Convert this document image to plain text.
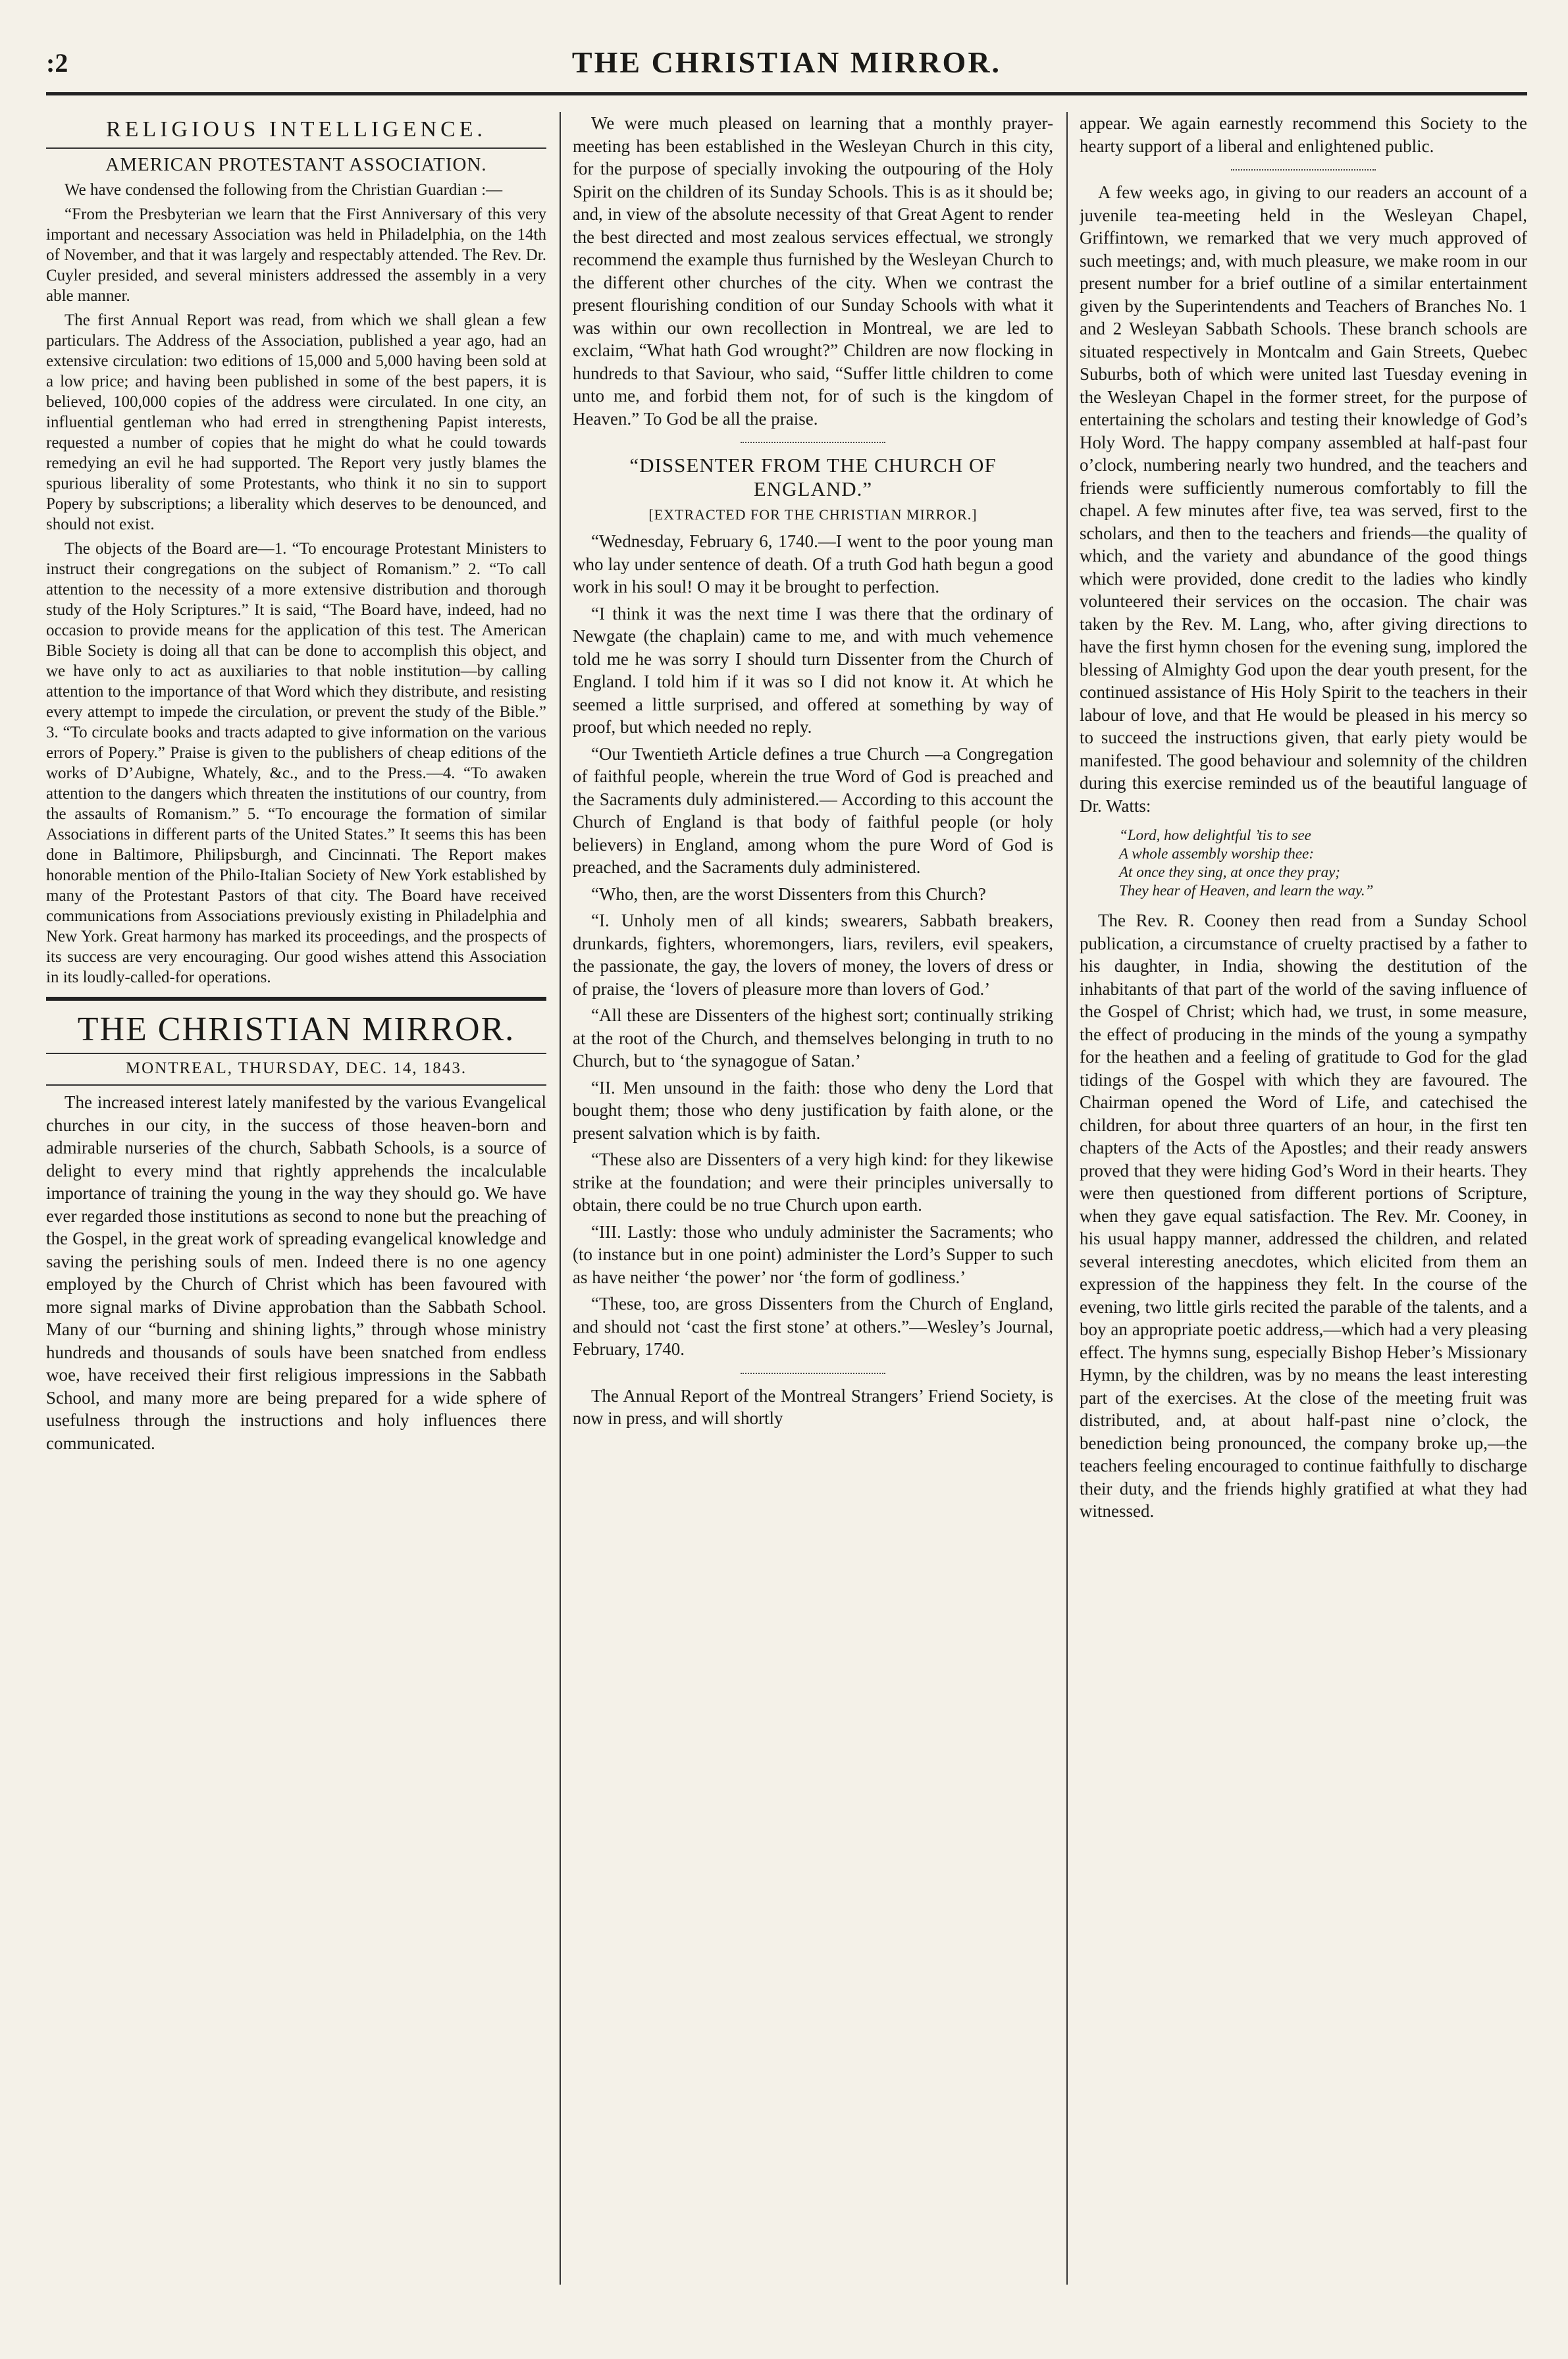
:2	THE CHRISTIAN MIRROR.
RELIGIOUS INTELLIGENCE.
AMERICAN PROTESTANT ASSOCIATION.

We have condensed the following from the Christian Guardian :—

“From the Presbyterian we learn that the First Anniversary of this very important and necessary Association was held in Philadelphia, on the 14th of November, and that it was largely and respectably attended. The Rev. Dr. Cuyler presided, and several ministers addressed the assembly in a very able manner.

The first Annual Report was read, from which we shall glean a few particulars. The Address of the Association, published a year ago, had an extensive circulation: two editions of 15,000 and 5,000 having been sold at a low price; and having been published in some of the best papers, it is believed, 100,000 copies of the address were circulated. In one city, an influential gentleman who had erred in strengthening Papist interests, requested a number of copies that he might do what he could towards remedying an evil he had supported. The Report very justly blames the spurious liberality of some Protestants, who think it no sin to support Popery by subscriptions; a liberality which deserves to be denounced, and should not exist.

The objects of the Board are—1. “To encourage Protestant Ministers to instruct their congregations on the subject of Romanism.” 2. “To call attention to the necessity of a more extensive distribution and thorough study of the Holy Scriptures.” It is said, “The Board have, indeed, had no occasion to provide means for the application of this test. The American Bible Society is doing all that can be done to accomplish this object, and we have only to act as auxiliaries to that noble institution—by calling attention to the importance of that Word which they distribute, and resisting every attempt to impede the circulation, or prevent the study of the Bible.” 3. “To circulate books and tracts adapted to give information on the various errors of Popery.” Praise is given to the publishers of cheap editions of the works of D’Aubigne, Whately, &c., and to the Press.—4. “To awaken attention to the dangers which threaten the institutions of our country, from the assaults of Romanism.” 5. “To encourage the formation of similar Associations in different parts of the United States.” It seems this has been done in Baltimore, Philipsburgh, and Cincinnati. The Report makes honorable mention of the Philo-Italian Society of New York established by many of the Protestant Pastors of that city. The Board have received communications from Associations previously existing in Philadelphia and New York. Great harmony has marked its proceedings, and the prospects of its success are very encouraging. Our good wishes attend this Association in its loudly-called-for operations.

THE CHRISTIAN MIRROR.
MONTREAL, THURSDAY, DEC. 14, 1843.

The increased interest lately manifested by the various Evangelical churches in our city, in the success of those heaven-born and admirable nurseries of the church, Sabbath Schools, is a source of delight to every mind that rightly apprehends the incalculable importance of training the young in the way they should go. We have ever regarded those institutions as second to none but the preaching of the Gospel, in the great work of spreading evangelical knowledge and saving the perishing souls of men. Indeed there is no one agency employed by the Church of Christ which has been favoured with more signal marks of Divine approbation than the Sabbath School. Many of our “burning and shining lights,” through whose ministry hundreds and thousands of souls have been snatched from endless woe, have received their first religious impressions in the Sabbath School, and many more are being prepared for a wide sphere of usefulness through the instructions and holy influences there communicated.

We were much pleased on learning that a monthly prayer-meeting has been established in the Wesleyan Church in this city, for the purpose of specially invoking the outpouring of the Holy Spirit on the children of its Sunday Schools. This is as it should be; and, in view of the absolute necessity of that Great Agent to render the best directed and most zealous services effectual, we strongly recommend the example thus furnished by the Wesleyan Church to the different other churches of the city. When we contrast the present flourishing condition of our Sunday Schools with what it was within our own recollection in Montreal, we are led to exclaim, “What hath God wrought?” Children are now flocking in hundreds to that Saviour, who said, “Suffer little children to come unto me, and forbid them not, for of such is the kingdom of Heaven.” To God be all the praise.

“DISSENTER FROM THE CHURCH OF ENGLAND.”
[EXTRACTED FOR THE CHRISTIAN MIRROR.]

“Wednesday, February 6, 1740.—I went to the poor young man who lay under sentence of death. Of a truth God hath begun a good work in his soul! O may it be brought to perfection.

“I think it was the next time I was there that the ordinary of Newgate (the chaplain) came to me, and with much vehemence told me he was sorry I should turn Dissenter from the Church of England. I told him if it was so I did not know it. At which he seemed a little surprised, and offered at something by way of proof, but which needed no reply.

“Our Twentieth Article defines a true Church —a Congregation of faithful people, wherein the true Word of God is preached and the Sacraments duly administered.— According to this account the Church of England is that body of faithful people (or holy believers) in England, among whom the pure Word of God is preached, and the Sacraments duly administered.

“Who, then, are the worst Dissenters from this Church?

“I. Unholy men of all kinds; swearers, Sabbath breakers, drunkards, fighters, whoremongers, liars, revilers, evil speakers, the passionate, the gay, the lovers of money, the lovers of dress or of praise, the ‘lovers of pleasure more than lovers of God.’

“All these are Dissenters of the highest sort; continually striking at the root of the Church, and themselves belonging in truth to no Church, but to ‘the synagogue of Satan.’

“II. Men unsound in the faith: those who deny the Lord that bought them; those who deny justification by faith alone, or the present salvation which is by faith.

“These also are Dissenters of a very high kind: for they likewise strike at the foundation; and were their principles universally to obtain, there could be no true Church upon earth.

“III. Lastly: those who unduly administer the Sacraments; who (to instance but in one point) administer the Lord’s Supper to such as have neither ‘the power’ nor ‘the form of godliness.’

“These, too, are gross Dissenters from the Church of England, and should not ‘cast the first stone’ at others.”—Wesley’s Journal, February, 1740.

The Annual Report of the Montreal Strangers’ Friend Society, is now in press, and will shortly

appear. We again earnestly recommend this Society to the hearty support of a liberal and enlightened public.

A few weeks ago, in giving to our readers an account of a juvenile tea-meeting held in the Wesleyan Chapel, Griffintown, we remarked that we very much approved of such meetings; and, with much pleasure, we make room in our present number for a brief outline of a similar entertainment given by the Superintendents and Teachers of Branches No. 1 and 2 Wesleyan Sabbath Schools. These branch schools are situated respectively in Montcalm and Gain Streets, Quebec Suburbs, both of which were united last Tuesday evening in the Wesleyan Chapel in the former street, for the purpose of entertaining the scholars and testing their knowledge of God’s Holy Word. The happy company assembled at half-past four o’clock, numbering nearly two hundred, and the teachers and friends were sufficiently numerous comfortably to fill the chapel. A few minutes after five, tea was served, first to the scholars, and then to the teachers and friends—the quality of which, and the variety and abundance of the good things which were provided, done credit to the ladies who kindly volunteered their services on the occasion. The chair was taken by the Rev. M. Lang, who, after giving directions to have the first hymn chosen for the evening sung, implored the blessing of Almighty God upon the dear youth present, for the continued assistance of His Holy Spirit to the teachers in their labour of love, and that He would be pleased in his mercy so to succeed the instructions given, that early piety would be manifested. The good behaviour and solemnity of the children during this exercise reminded us of the beautiful language of Dr. Watts:

“Lord, how delightful ’tis to see
A whole assembly worship thee:
At once they sing, at once they pray;
They hear of Heaven, and learn the way.”

The Rev. R. Cooney then read from a Sunday School publication, a circumstance of cruelty practised by a father to his daughter, in India, showing the destitution of the inhabitants of that part of the world of the saving influence of the Gospel of Christ; which had, we trust, in some measure, the effect of producing in the minds of the young a sympathy for the heathen and a feeling of gratitude to God for the glad tidings of the Gospel with which they are favoured. The Chairman opened the Word of Life, and catechised the children, for about three quarters of an hour, in the first ten chapters of the Acts of the Apostles; and their ready answers proved that they were hiding God’s Word in their hearts. They were then questioned from different portions of Scripture, when they gave equal satisfaction. The Rev. Mr. Cooney, in his usual happy manner, addressed the children, and related several interesting anecdotes, which elicited from them an expression of the happiness they felt. In the course of the evening, two little girls recited the parable of the talents, and a boy an appropriate poetic address,—which had a very pleasing effect. The hymns sung, especially Bishop Heber’s Missionary Hymn, by the children, was by no means the least interesting part of the exercises. At the close of the meeting fruit was distributed, and, at about half-past nine o’clock, the benediction being pronounced, the company broke up,—the teachers feeling encouraged to continue faithfully to discharge their duty, and the friends highly gratified at what they had witnessed.
